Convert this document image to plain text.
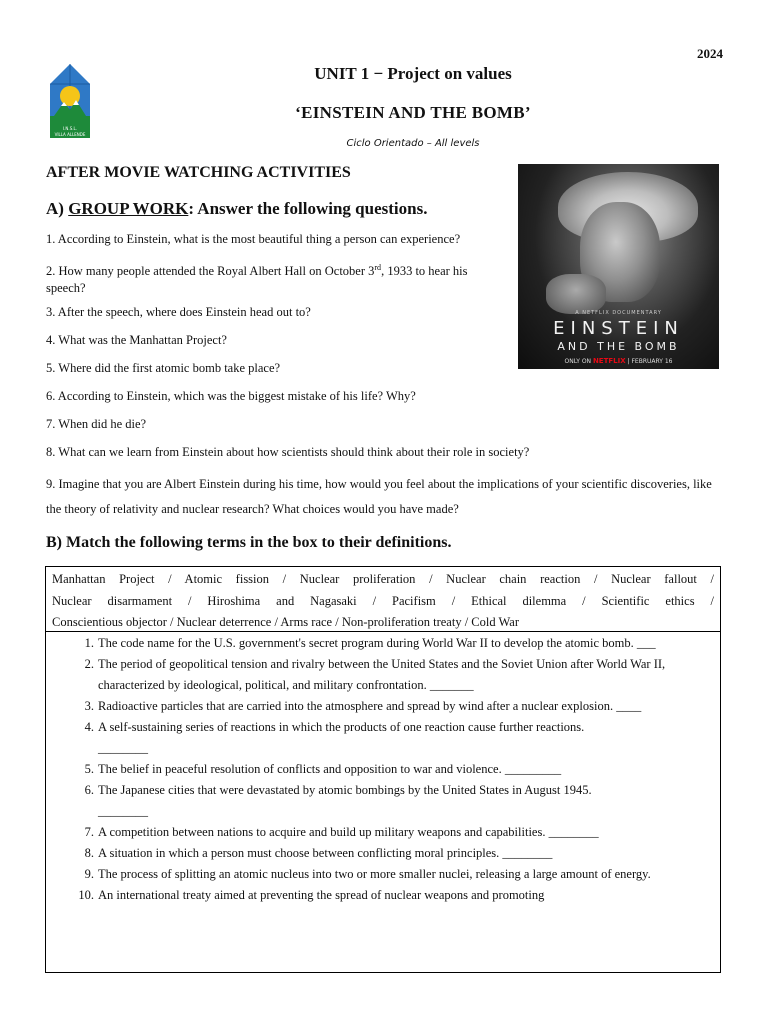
2024
I.N.S.L.
VILLA ALLENDE
UNIT 1 − Project on values
‘EINSTEIN AND THE BOMB’
Ciclo Orientado – All levels
AFTER MOVIE WATCHING ACTIVITIES
A) GROUP WORK: Answer the following questions.
1. According to Einstein, what is the most beautiful thing a person can experience?
2. How many people attended the Royal Albert Hall on October 3rd, 1933 to hear his speech?
3. After the speech, where does Einstein head out to?
4. What was the Manhattan Project?
5. Where did the first atomic bomb take place?
6. According to Einstein, which was the biggest mistake of his life? Why?
7. When did he die?
8. What can we learn from Einstein about how scientists should think about their role in society?
9. Imagine that you are Albert Einstein during his time, how would you feel about the implications of your scientific discoveries, like the theory of relativity and nuclear research? What choices would you have made?
A NETFLIX DOCUMENTARY
EINSTEIN
AND THE BOMB
ONLY ON NETFLIX | FEBRUARY 16
B) Match the following terms in the box to their definitions.
Manhattan Project / Atomic fission / Nuclear proliferation / Nuclear chain reaction / Nuclear fallout /
Nuclear disarmament / Hiroshima and Nagasaki / Pacifism / Ethical dilemma / Scientific ethics /
Conscientious objector / Nuclear deterrence / Arms race / Non-proliferation treaty / Cold War
1. The code name for the U.S. government's secret program during World War II to develop the atomic bomb. ___
2. The period of geopolitical tension and rivalry between the United States and the Soviet Union after World War II, characterized by ideological, political, and military confrontation. _______
3. Radioactive particles that are carried into the atmosphere and spread by wind after a nuclear explosion. ____
4. A self-sustaining series of reactions in which the products of one reaction cause further reactions.
________
5. The belief in peaceful resolution of conflicts and opposition to war and violence. _________
6. The Japanese cities that were devastated by atomic bombings by the United States in August 1945.
________
7. A competition between nations to acquire and build up military weapons and capabilities. ________
8. A situation in which a person must choose between conflicting moral principles. ________
9. The process of splitting an atomic nucleus into two or more smaller nuclei, releasing a large amount of energy.
10. An international treaty aimed at preventing the spread of nuclear weapons and promoting
